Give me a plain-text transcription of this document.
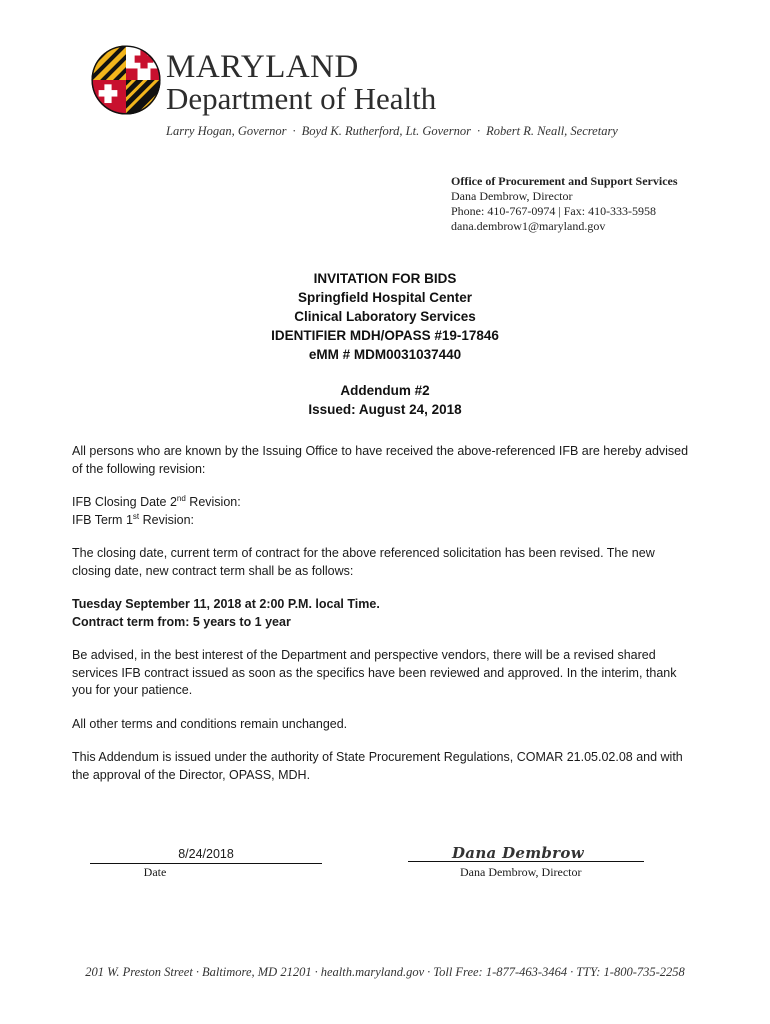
MARYLAND
Department of Health
Larry Hogan, Governor · Boyd K. Rutherford, Lt. Governor · Robert R. Neall, Secretary
Office of Procurement and Support Services
Dana Dembrow, Director
Phone: 410-767-0974 | Fax: 410-333-5958
dana.dembrow1@maryland.gov
INVITATION FOR BIDS
Springfield Hospital Center
Clinical Laboratory Services
IDENTIFIER MDH/OPASS #19-17846
eMM # MDM0031037440
Addendum #2
Issued: August 24, 2018

All persons who are known by the Issuing Office to have received the above-referenced IFB are hereby advised of the following revision:

IFB Closing Date 2nd Revision:

IFB Term 1st Revision:

The closing date, current term of contract for the above referenced solicitation has been revised. The new closing date, new contract term shall be as follows:

Tuesday September 11, 2018 at 2:00 P.M. local Time.
Contract term from: 5 years to 1 year

Be advised, in the best interest of the Department and perspective vendors, there will be a revised shared services IFB contract issued as soon as the specifics have been reviewed and approved. In the interim, thank you for your patience.

All other terms and conditions remain unchanged.

This Addendum is issued under the authority of State Procurement Regulations, COMAR 21.05.02.08 and with the approval of the Director, OPASS, MDH.

8/24/2018
Date
Dana Dembrow
Dana Dembrow, Director
201 W. Preston Street · Baltimore, MD 21201 · health.maryland.gov · Toll Free: 1-877-463-3464 · TTY: 1-800-735-2258
